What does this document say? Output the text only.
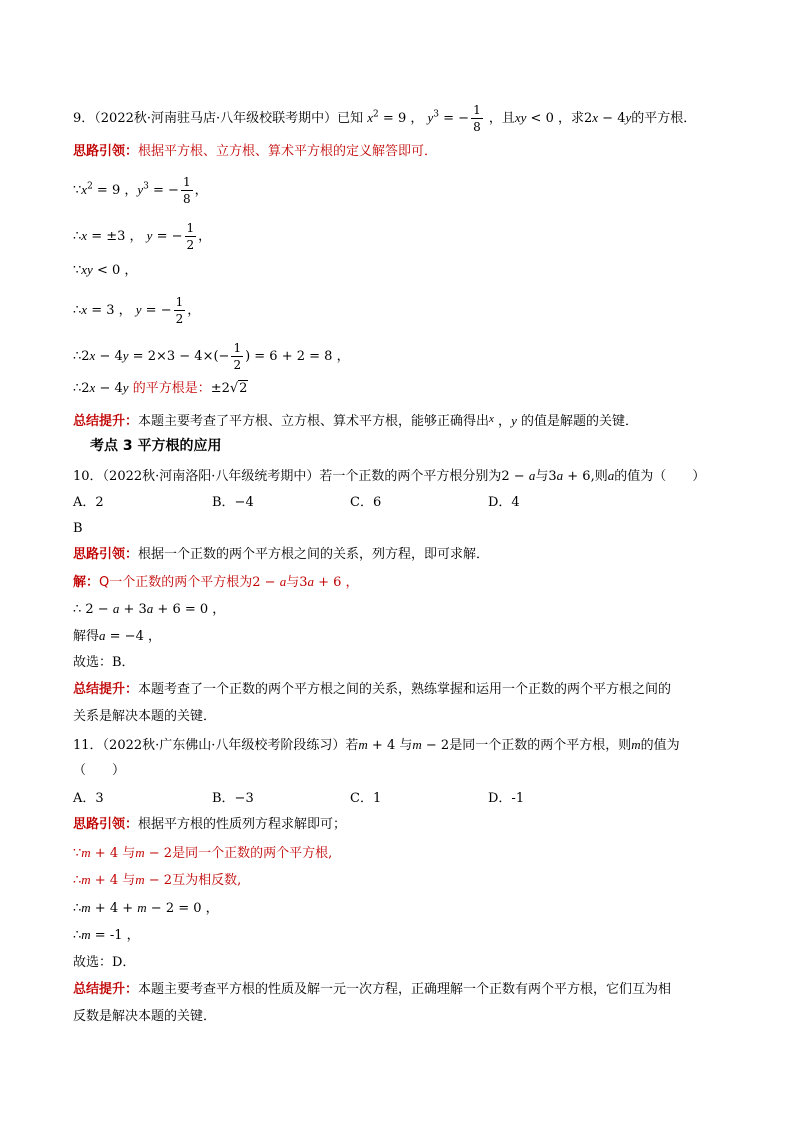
9．（2022秋·河南驻马店·八年级校联考期中）已知 $x^2 = 9$ ， $y^3$ = − $\frac{1}{8}$ ，且xy < 0 ，求2x − 4y的平方根．
思路引领：根据平方根、立方根、算术平方根的定义解答即可．
$\because x^2 = 9$ ，$y^3$ = − $\frac{1}{8}$ ，
∴x = ±3 ， y = − $\frac{1}{2}$ ，
∵xy < 0 ，
∴x = 3 ， y = − $\frac{1}{2}$ ，
∴2x − $4y = 2\times 3 - 4\times(- \frac{1}{2}$ ) = 6 + 2 = 8 ，
∴2x − 4y 的平方根是：±2√2
总结提升：本题主要考查了平方根、立方根、算术平方根，能够正确得出$^x$ ，y 的值是解题的关键．
考点 3 平方根的应用
10．（2022秋·河南洛阳·八年级统考期中）若一个正数的两个平方根分别为2 − a与3a + 6,则a的值为（　　）
A．2	B．−4	C．6	D．4
B
思路引领：根据一个正数的两个平方根之间的关系，列方程，即可求解．
解：Q一个正数的两个平方根为2 − a与3a + 6 ，
∴ 2 − a + 3a + 6 = 0 ，
解得a = −4 ，
故选：B．
总结提升：本题考查了一个正数的两个平方根之间的关系，熟练掌握和运用一个正数的两个平方根之间的
关系是解决本题的关键．
11．（2022秋·广东佛山·八年级校考阶段练习）若m + 4 与m − 2是同一个正数的两个平方根，则m的值为
（　　）
A．3	B．−3	C．1	D．-1
思路引领：根据平方根的性质列方程求解即可；
∵m + 4 与m − 2是同一个正数的两个平方根,
∴m + 4 与m − 2互为相反数,
∴m + 4 + m − 2 = 0 ，
∴m = -1 ，
故选：D．
总结提升：本题主要考查平方根的性质及解一元一次方程，正确理解一个正数有两个平方根，它们互为相
反数是解决本题的关键．
